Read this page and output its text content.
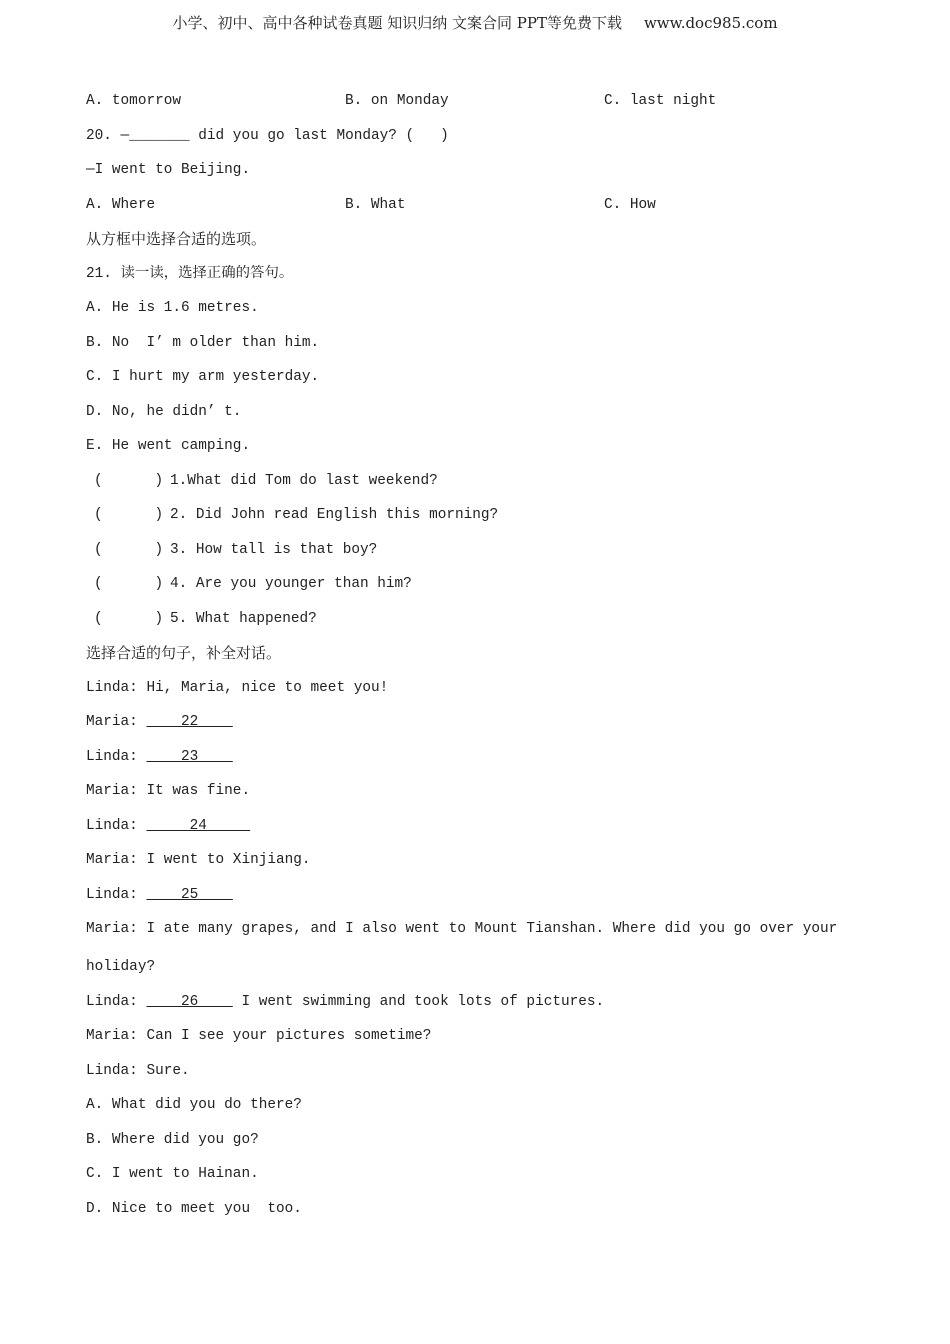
小学、初中、高中各种试卷真题 知识归纳 文案合同 PPT等免费下载 www.doc985.com
A. tomorrow	B. on Monday	C. last night
20. —_______ did you go last Monday? (   )
—I went to Beijing.
A. Where	B. What	C. How
从方框中选择合适的选项。
21. 读一读，选择正确的答句。
A. He is 1.6 metres.
B. No  I’ m older than him.
C. I hurt my arm yesterday.
D. No, he didn’ t.
E. He went camping.
(      ) 1.What did Tom do last weekend?
(      ) 2. Did John read English this morning?
(      ) 3. How tall is that boy?
(      ) 4. Are you younger than him?
(      ) 5. What happened?
选择合适的句子，补全对话。
Linda: Hi, Maria, nice to meet you!
Maria:     22
Linda:     23
Maria: It was fine.
Linda:      24
Maria: I went to Xinjiang.
Linda:     25
Maria: I ate many grapes, and I also went to Mount Tianshan. Where did you go over your
holiday?
Linda:     26     I went swimming and took lots of pictures.
Maria: Can I see your pictures sometime?
Linda: Sure.
A. What did you do there?
B. Where did you go?
C. I went to Hainan.
D. Nice to meet you  too.
